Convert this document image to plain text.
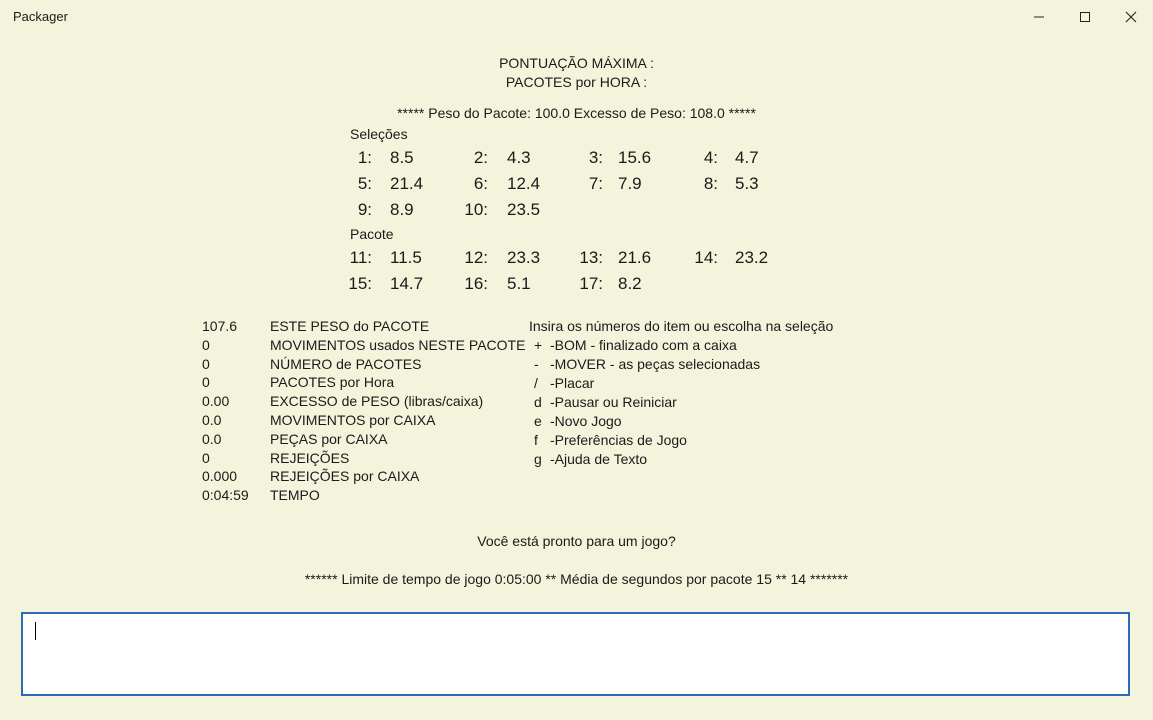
Packager
PONTUAÇÃO MÁXIMA :
PACOTES por HORA :
***** Peso do Pacote: 100.0 Excesso de Peso: 108.0 *****
Seleções
1: 8.5	2: 4.3	3: 15.6	4: 4.7
5: 21.4	6: 12.4	7: 7.9	8: 5.3
9: 8.9	10: 23.5
Pacote
11: 11.5	12: 23.3 13: 21.6	14: 23.2
15: 14.7 16: 5.1	17: 8.2
107.6 ESTE PESO do PACOTE
0	MOVIMENTOS usados NESTE PACOTE
0	NÚMERO de PACOTES
0	PACOTES por Hora
0.00	EXCESSO de PESO (libras/caixa)
0.0	MOVIMENTOS por CAIXA
0.0	PEÇAS por CAIXA
0	REJEIÇÕES
0.000 REJEIÇÕES por CAIXA
0:04:59 TEMPO
Insira os números do item ou escolha na seleção
+ -BOM - finalizado com a caixa
- -MOVER - as peças selecionadas
/ -Placar
d -Pausar ou Reiniciar
e -Novo Jogo
f -Preferências de Jogo
g -Ajuda de Texto
Você está pronto para um jogo?
****** Limite de tempo de jogo 0:05:00 ** Média de segundos por pacote 15 ** 14 *******
